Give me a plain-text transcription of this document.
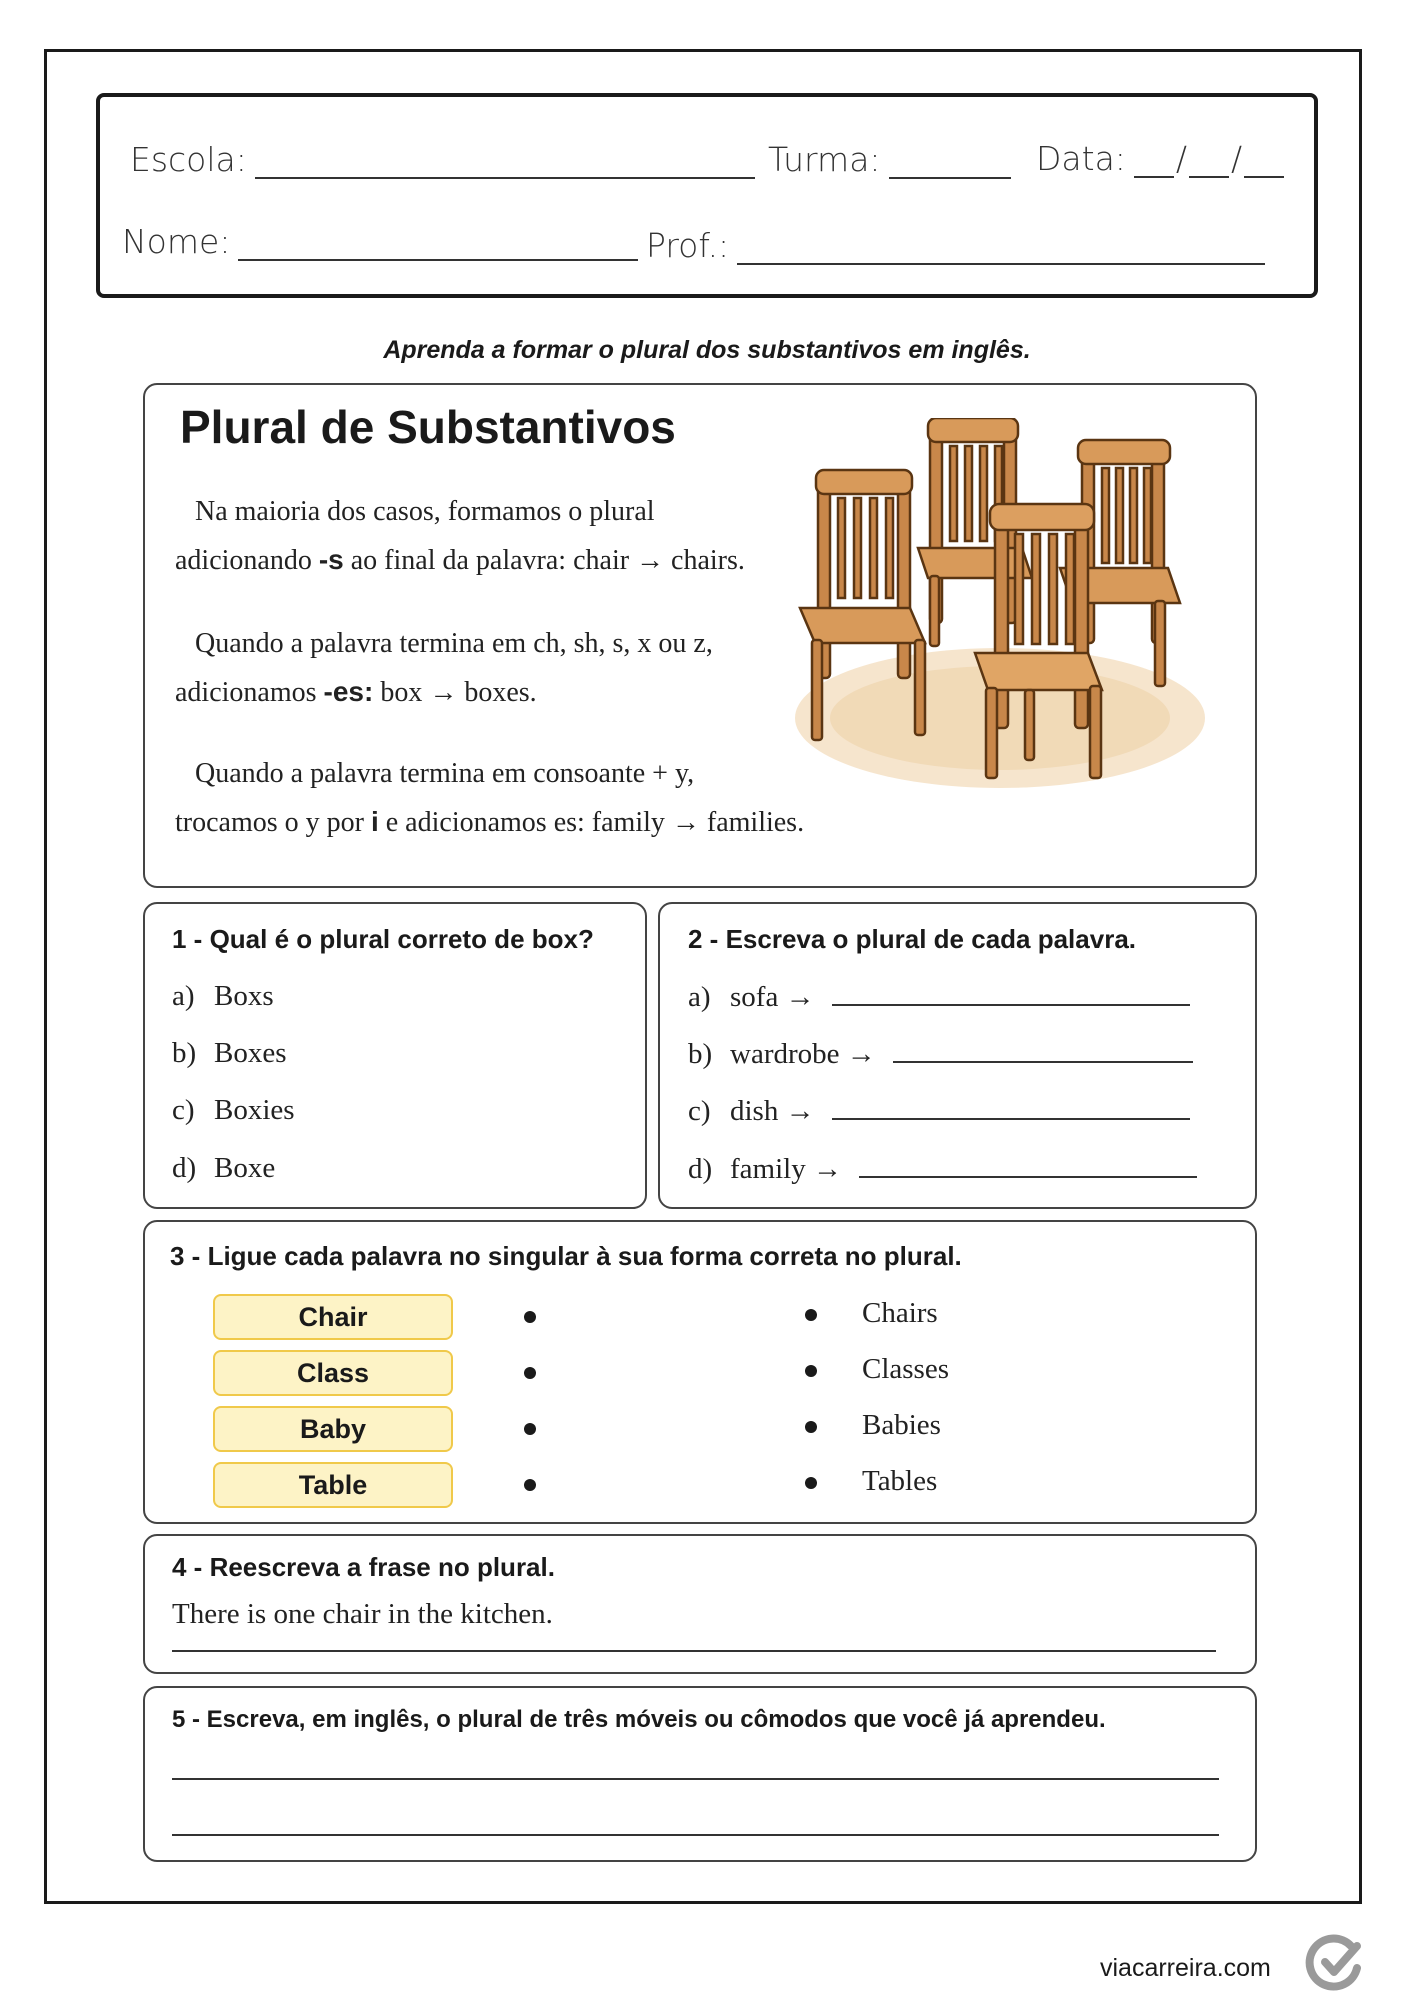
Escola:	Turma:	Data: / /
Nome:	Prof.:
Aprenda a formar o plural dos substantivos em inglês.
Plural de Substantivos
Na maioria dos casos, formamos o plural
adicionando -s ao final da palavra: chair → chairs.
Quando a palavra termina em ch, sh, s, x ou z,
adicionamos -es: box → boxes.
Quando a palavra termina em consoante + y,
trocamos o y por i e adicionamos es: family → families.
1 - Qual é o plural correto de box?
a) Boxs
b) Boxes
c) Boxies
d) Boxe
2 - Escreva o plural de cada palavra.
a) sofa →
b) wardrobe →
c) dish →
d) family →
3 - Ligue cada palavra no singular à sua forma correta no plural.
Chair
Class
Baby
Table
Chairs
Classes
Babies
Tables
4 - Reescreva a frase no plural.
There is one chair in the kitchen.
5 - Escreva, em inglês, o plural de três móveis ou cômodos que você já aprendeu.
viacarreira.com
